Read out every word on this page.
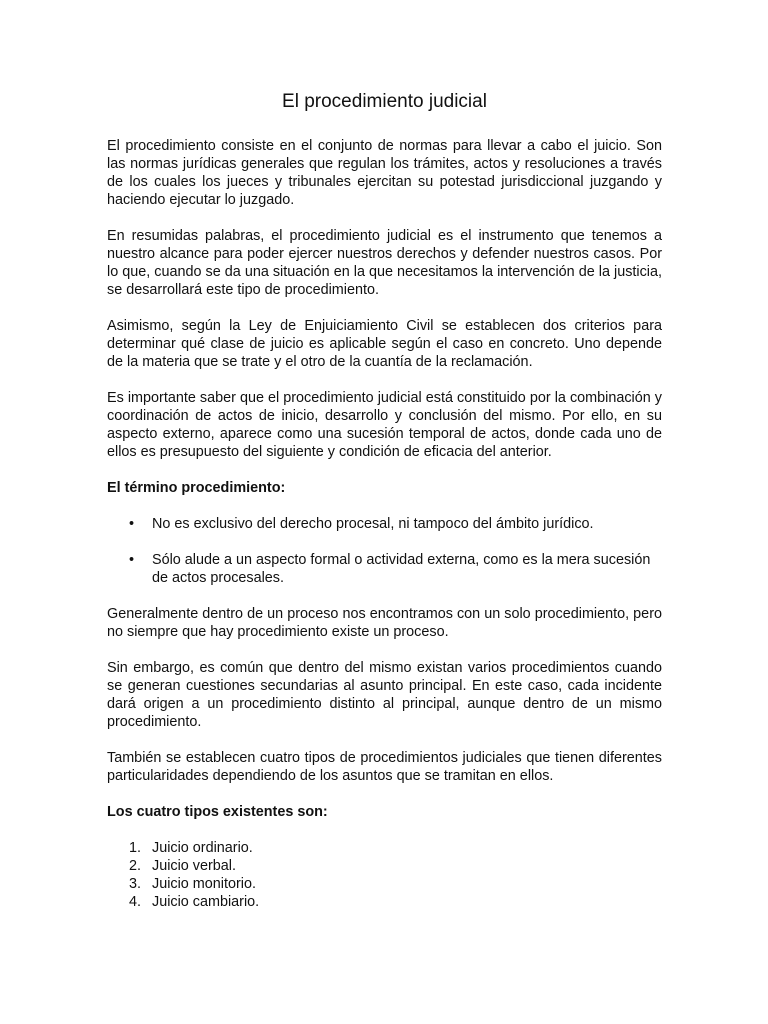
El procedimiento judicial

El procedimiento consiste en el conjunto de normas para llevar a cabo el juicio. Son las normas jurídicas generales que regulan los trámites, actos y resoluciones a través de los cuales los jueces y tribunales ejercitan su potestad jurisdiccional juzgando y haciendo ejecutar lo juzgado.

En resumidas palabras, el procedimiento judicial es el instrumento que tenemos a nuestro alcance para poder ejercer nuestros derechos y defender nuestros casos. Por lo que, cuando se da una situación en la que necesitamos la intervención de la justicia, se desarrollará este tipo de procedimiento.

Asimismo, según la Ley de Enjuiciamiento Civil se establecen dos criterios para determinar qué clase de juicio es aplicable según el caso en concreto. Uno depende de la materia que se trate y el otro de la cuantía de la reclamación.

Es importante saber que el procedimiento judicial está constituido por la combinación y coordinación de actos de inicio, desarrollo y conclusión del mismo. Por ello, en su aspecto externo, aparece como una sucesión temporal de actos, donde cada uno de ellos es presupuesto del siguiente y condición de eficacia del anterior.

El término procedimiento:
• No es exclusivo del derecho procesal, ni tampoco del ámbito jurídico.
• Sólo alude a un aspecto formal o actividad externa, como es la mera sucesión de actos procesales.

Generalmente dentro de un proceso nos encontramos con un solo procedimiento, pero no siempre que hay procedimiento existe un proceso.

Sin embargo, es común que dentro del mismo existan varios procedimientos cuando se generan cuestiones secundarias al asunto principal. En este caso, cada incidente dará origen a un procedimiento distinto al principal, aunque dentro de un mismo procedimiento.

También se establecen cuatro tipos de procedimientos judiciales que tienen diferentes particularidades dependiendo de los asuntos que se tramitan en ellos.

Los cuatro tipos existentes son:
1. Juicio ordinario.
2. Juicio verbal.
3. Juicio monitorio.
4. Juicio cambiario.
